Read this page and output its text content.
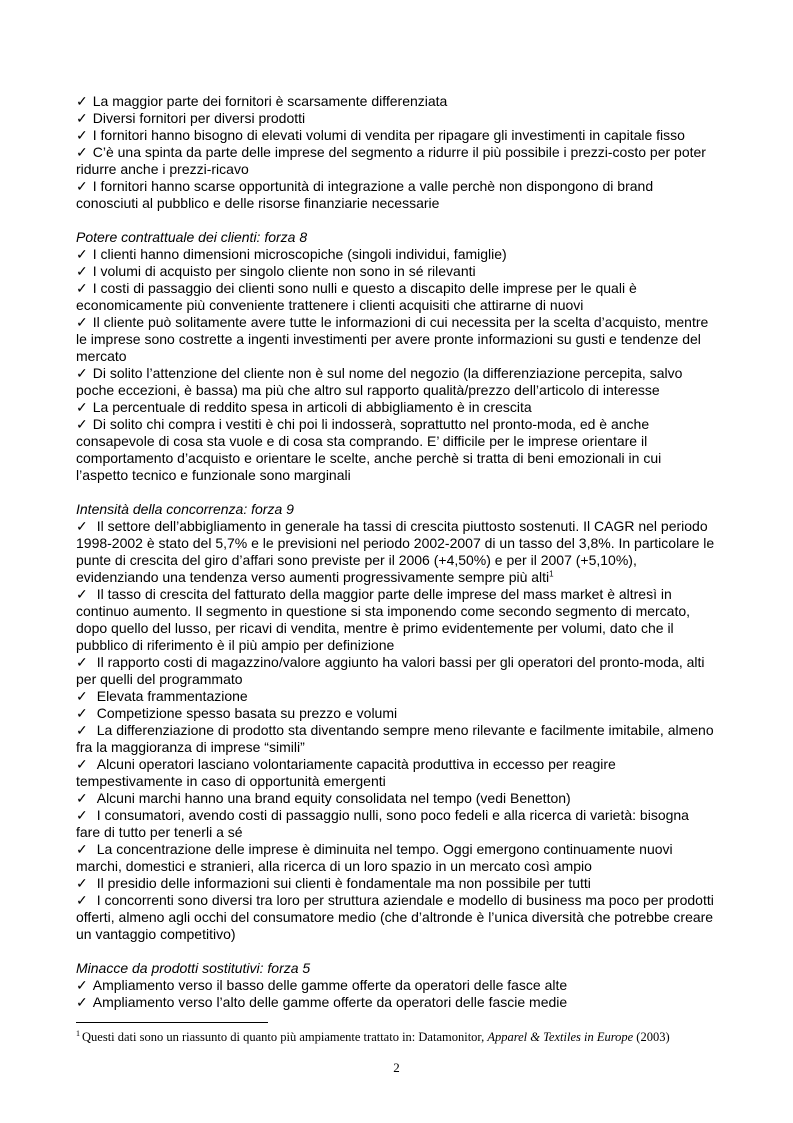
✓ La maggior parte dei fornitori è scarsamente differenziata

✓ Diversi fornitori per diversi prodotti

✓ I fornitori hanno bisogno di elevati volumi di vendita per ripagare gli investimenti in capitale fisso

✓ C’è una spinta da parte delle imprese del segmento a ridurre il più possibile i prezzi-costo per poter ridurre anche i prezzi-ricavo

✓ I fornitori hanno scarse opportunità di integrazione a valle perchè non dispongono di brand conosciuti al pubblico e delle risorse finanziarie necessarie

Potere contrattuale dei clienti: forza 8

✓ I clienti hanno dimensioni microscopiche (singoli individui, famiglie)

✓ I volumi di acquisto per singolo cliente non sono in sé rilevanti

✓ I costi di passaggio dei clienti sono nulli e questo a discapito delle imprese per le quali è economicamente più conveniente trattenere i clienti acquisiti che attirarne di nuovi

✓ Il cliente può solitamente avere tutte le informazioni di cui necessita per la scelta d’acquisto, mentre le imprese sono costrette a ingenti investimenti per avere pronte informazioni su gusti e tendenze del mercato

✓ Di solito l’attenzione del cliente non è sul nome del negozio (la differenziazione percepita, salvo poche eccezioni, è bassa) ma più che altro sul rapporto qualità/prezzo dell’articolo di interesse

✓ La percentuale di reddito spesa in articoli di abbigliamento è in crescita

✓ Di solito chi compra i vestiti è chi poi li indosserà, soprattutto nel pronto-moda, ed è anche consapevole di cosa sta vuole e di cosa sta comprando. E’ difficile per le imprese orientare il comportamento d’acquisto e orientare le scelte, anche perchè si tratta di beni emozionali in cui l’aspetto tecnico e funzionale sono marginali

Intensità della concorrenza: forza 9

✓ Il settore dell’abbigliamento in generale ha tassi di crescita piuttosto sostenuti. Il CAGR nel periodo 1998-2002 è stato del 5,7% e le previsioni nel periodo 2002-2007 di un tasso del 3,8%. In particolare le punte di crescita del giro d’affari sono previste per il 2006 (+4,50%) e per il 2007 (+5,10%), evidenziando una tendenza verso aumenti progressivamente sempre più alti$^1$

✓ Il tasso di crescita del fatturato della maggior parte delle imprese del mass market è altresì in continuo aumento. Il segmento in questione si sta imponendo come secondo segmento di mercato, dopo quello del lusso, per ricavi di vendita, mentre è primo evidentemente per volumi, dato che il pubblico di riferimento è il più ampio per definizione

✓ Il rapporto costi di magazzino/valore aggiunto ha valori bassi per gli operatori del pronto-moda, alti per quelli del programmato

✓ Elevata frammentazione

✓ Competizione spesso basata su prezzo e volumi

✓ La differenziazione di prodotto sta diventando sempre meno rilevante e facilmente imitabile, almeno fra la maggioranza di imprese “simili”

✓ Alcuni operatori lasciano volontariamente capacità produttiva in eccesso per reagire tempestivamente in caso di opportunità emergenti

✓ Alcuni marchi hanno una brand equity consolidata nel tempo (vedi Benetton)

✓ I consumatori, avendo costi di passaggio nulli, sono poco fedeli e alla ricerca di varietà: bisogna fare di tutto per tenerli a sé

✓ La concentrazione delle imprese è diminuita nel tempo. Oggi emergono continuamente nuovi marchi, domestici e stranieri, alla ricerca di un loro spazio in un mercato così ampio

✓ Il presidio delle informazioni sui clienti è fondamentale ma non possibile per tutti

✓ I concorrenti sono diversi tra loro per struttura aziendale e modello di business ma poco per prodotti offerti, almeno agli occhi del consumatore medio (che d’altronde è l’unica diversità che potrebbe creare un vantaggio competitivo)

Minacce da prodotti sostitutivi: forza 5

✓ Ampliamento verso il basso delle gamme offerte da operatori delle fasce alte

✓ Ampliamento verso l’alto delle gamme offerte da operatori delle fascie medie

$^1$ Questi dati sono un riassunto di quanto più ampiamente trattato in: Datamonitor, Apparel & Textiles in Europe (2003)
2
